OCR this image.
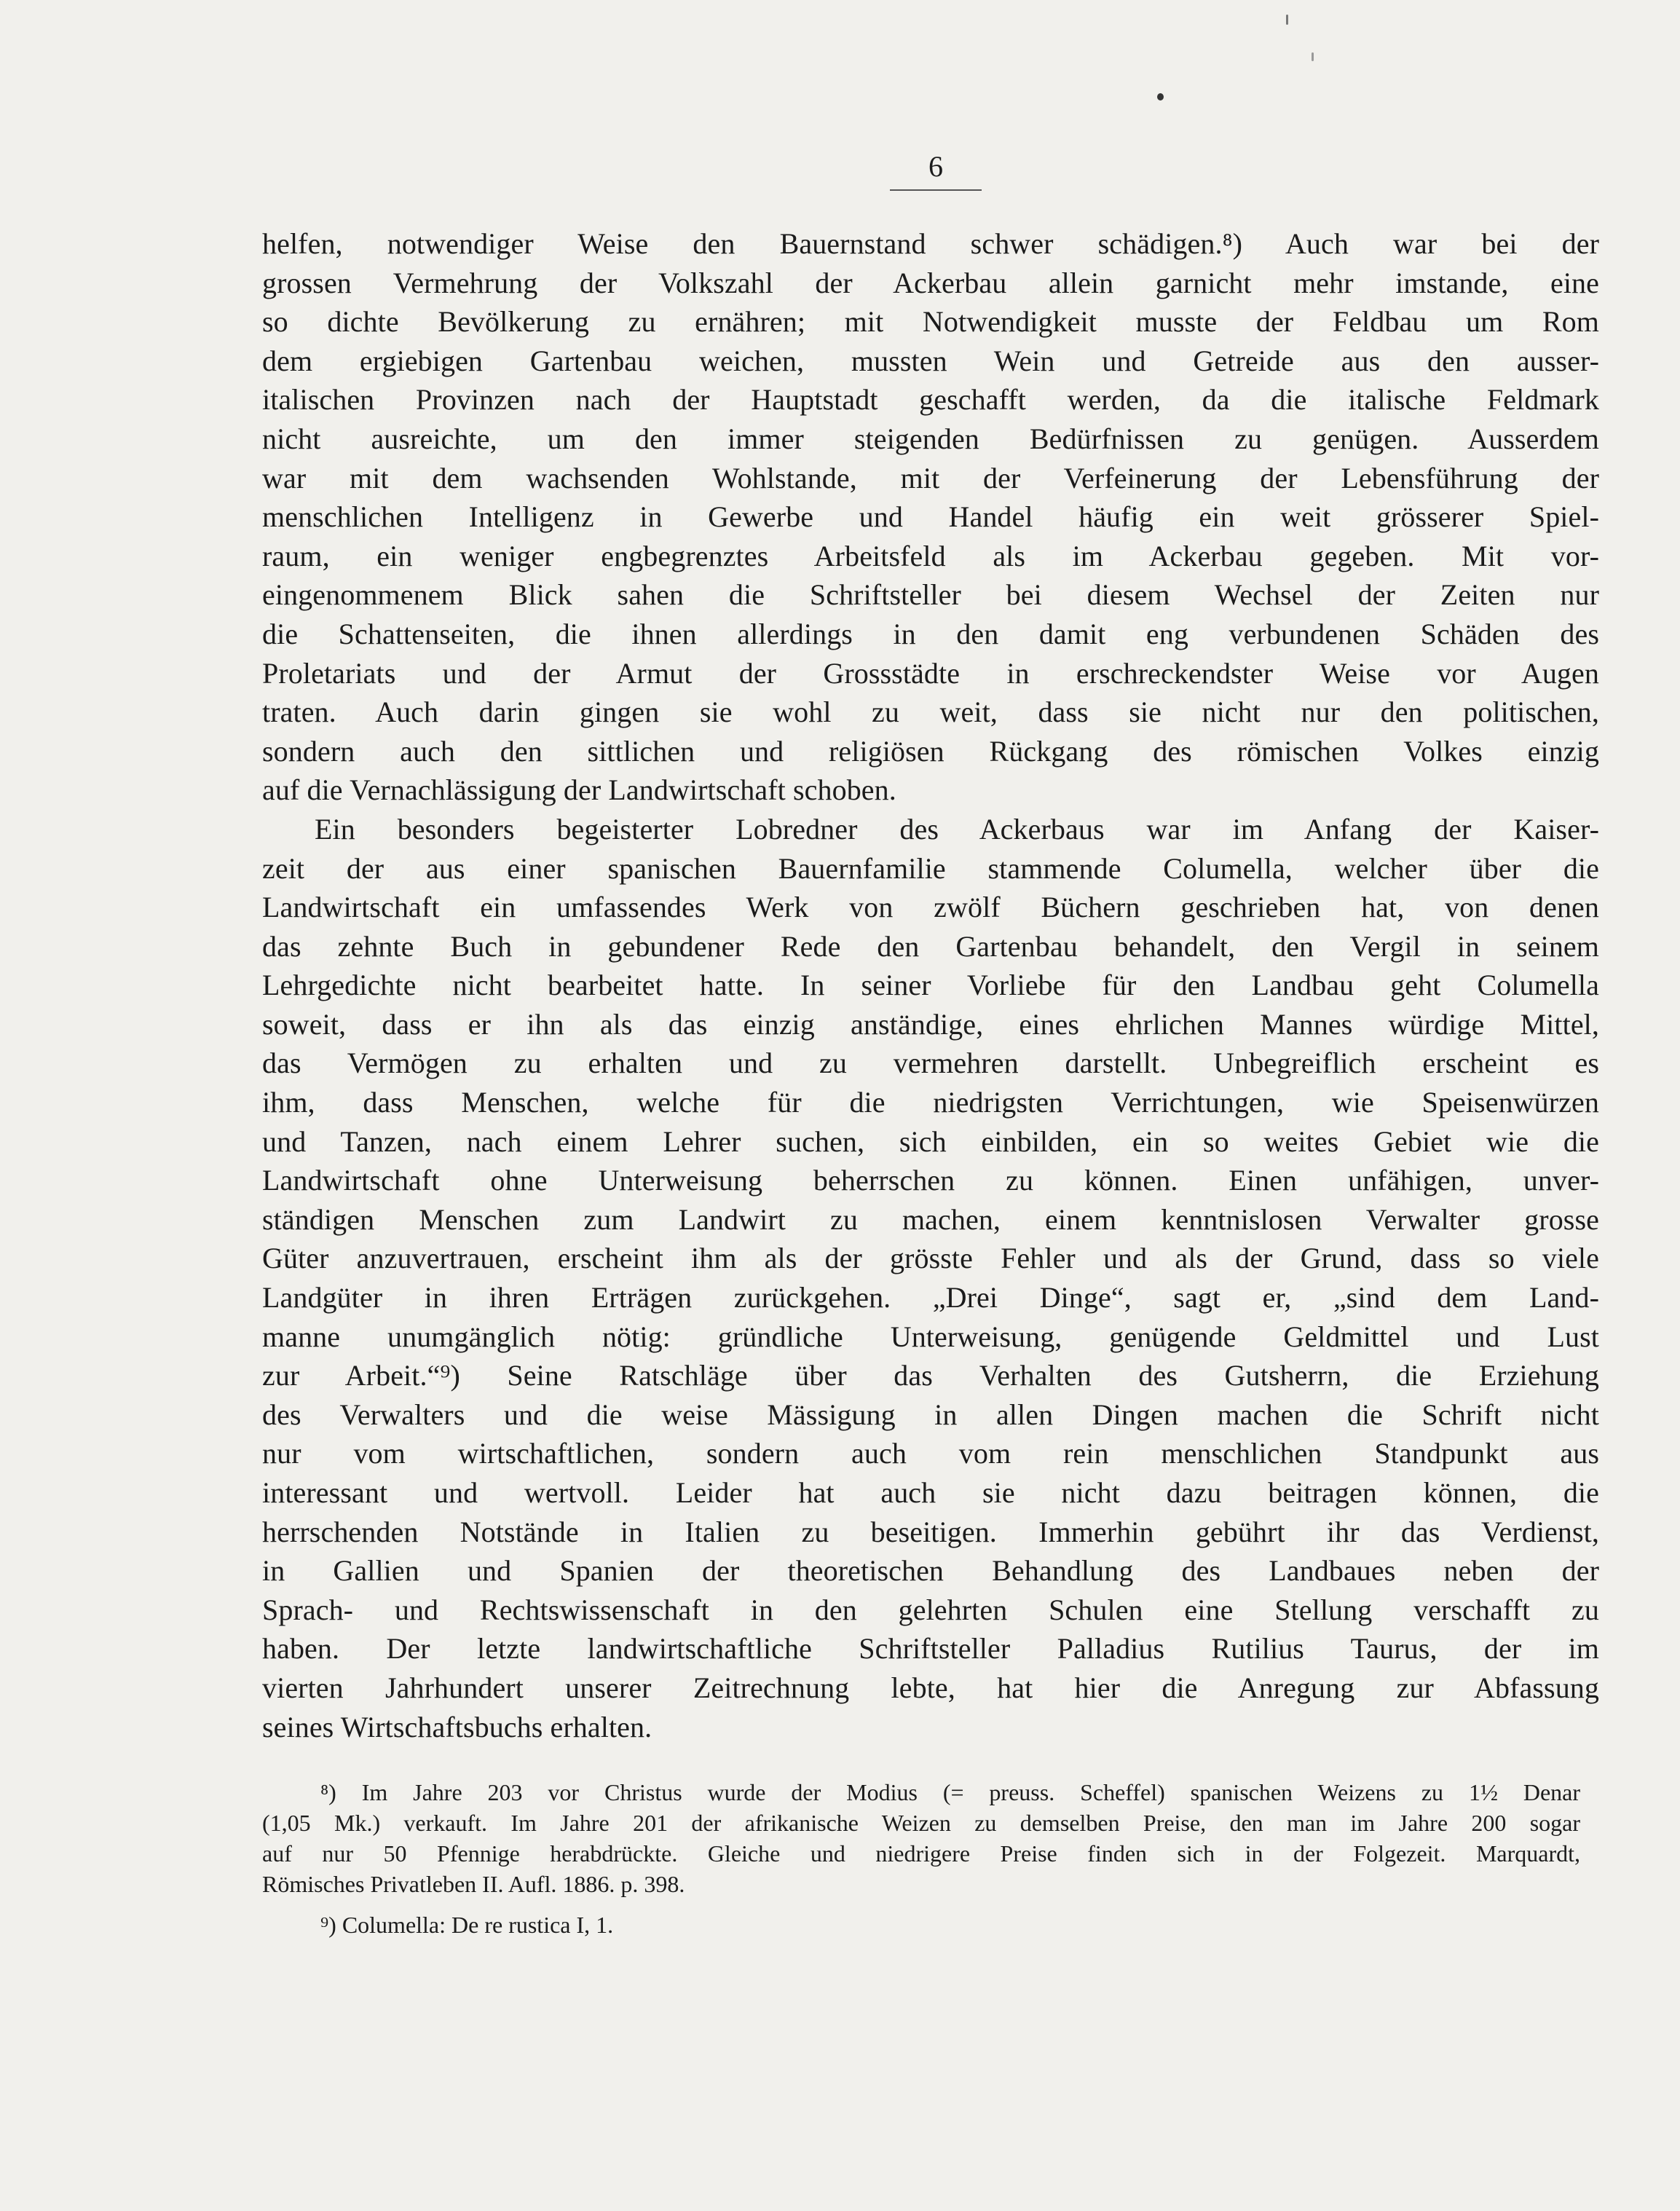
6
helfen, notwendiger Weise den Bauernstand schwer schädigen.⁸) Auch war bei der
grossen Vermehrung der Volkszahl der Ackerbau allein garnicht mehr imstande, eine
so dichte Bevölkerung zu ernähren; mit Notwendigkeit musste der Feldbau um Rom
dem ergiebigen Gartenbau weichen, mussten Wein und Getreide aus den ausser-
italischen Provinzen nach der Hauptstadt geschafft werden, da die italische Feldmark
nicht ausreichte, um den immer steigenden Bedürfnissen zu genügen. Ausserdem
war mit dem wachsenden Wohlstande, mit der Verfeinerung der Lebensführung der
menschlichen Intelligenz in Gewerbe und Handel häufig ein weit grösserer Spiel-
raum, ein weniger engbegrenztes Arbeitsfeld als im Ackerbau gegeben. Mit vor-
eingenommenem Blick sahen die Schriftsteller bei diesem Wechsel der Zeiten nur
die Schattenseiten, die ihnen allerdings in den damit eng verbundenen Schäden des
Proletariats und der Armut der Grossstädte in erschreckendster Weise vor Augen
traten. Auch darin gingen sie wohl zu weit, dass sie nicht nur den politischen,
sondern auch den sittlichen und religiösen Rückgang des römischen Volkes einzig
auf die Vernachlässigung der Landwirtschaft schoben.
Ein besonders begeisterter Lobredner des Ackerbaus war im Anfang der Kaiser-
zeit der aus einer spanischen Bauernfamilie stammende Columella, welcher über die
Landwirtschaft ein umfassendes Werk von zwölf Büchern geschrieben hat, von denen
das zehnte Buch in gebundener Rede den Gartenbau behandelt, den Vergil in seinem
Lehrgedichte nicht bearbeitet hatte. In seiner Vorliebe für den Landbau geht Columella
soweit, dass er ihn als das einzig anständige, eines ehrlichen Mannes würdige Mittel,
das Vermögen zu erhalten und zu vermehren darstellt. Unbegreiflich erscheint es
ihm, dass Menschen, welche für die niedrigsten Verrichtungen, wie Speisenwürzen
und Tanzen, nach einem Lehrer suchen, sich einbilden, ein so weites Gebiet wie die
Landwirtschaft ohne Unterweisung beherrschen zu können. Einen unfähigen, unver-
ständigen Menschen zum Landwirt zu machen, einem kenntnislosen Verwalter grosse
Güter anzuvertrauen, erscheint ihm als der grösste Fehler und als der Grund, dass so viele
Landgüter in ihren Erträgen zurückgehen. „Drei Dinge“, sagt er, „sind dem Land-
manne unumgänglich nötig: gründliche Unterweisung, genügende Geldmittel und Lust
zur Arbeit.“⁹) Seine Ratschläge über das Verhalten des Gutsherrn, die Erziehung
des Verwalters und die weise Mässigung in allen Dingen machen die Schrift nicht
nur vom wirtschaftlichen, sondern auch vom rein menschlichen Standpunkt aus
interessant und wertvoll. Leider hat auch sie nicht dazu beitragen können, die
herrschenden Notstände in Italien zu beseitigen. Immerhin gebührt ihr das Verdienst,
in Gallien und Spanien der theoretischen Behandlung des Landbaues neben der
Sprach- und Rechtswissenschaft in den gelehrten Schulen eine Stellung verschafft zu
haben. Der letzte landwirtschaftliche Schriftsteller Palladius Rutilius Taurus, der im
vierten Jahrhundert unserer Zeitrechnung lebte, hat hier die Anregung zur Abfassung
seines Wirtschaftsbuchs erhalten.
⁸) Im Jahre 203 vor Christus wurde der Modius (= preuss. Scheffel) spanischen Weizens zu 1½ Denar
(1,05 Mk.) verkauft. Im Jahre 201 der afrikanische Weizen zu demselben Preise, den man im Jahre 200 sogar
auf nur 50 Pfennige herabdrückte. Gleiche und niedrigere Preise finden sich in der Folgezeit. Marquardt,
Römisches Privatleben II. Aufl. 1886. p. 398.
⁹) Columella: De re rustica I, 1.
